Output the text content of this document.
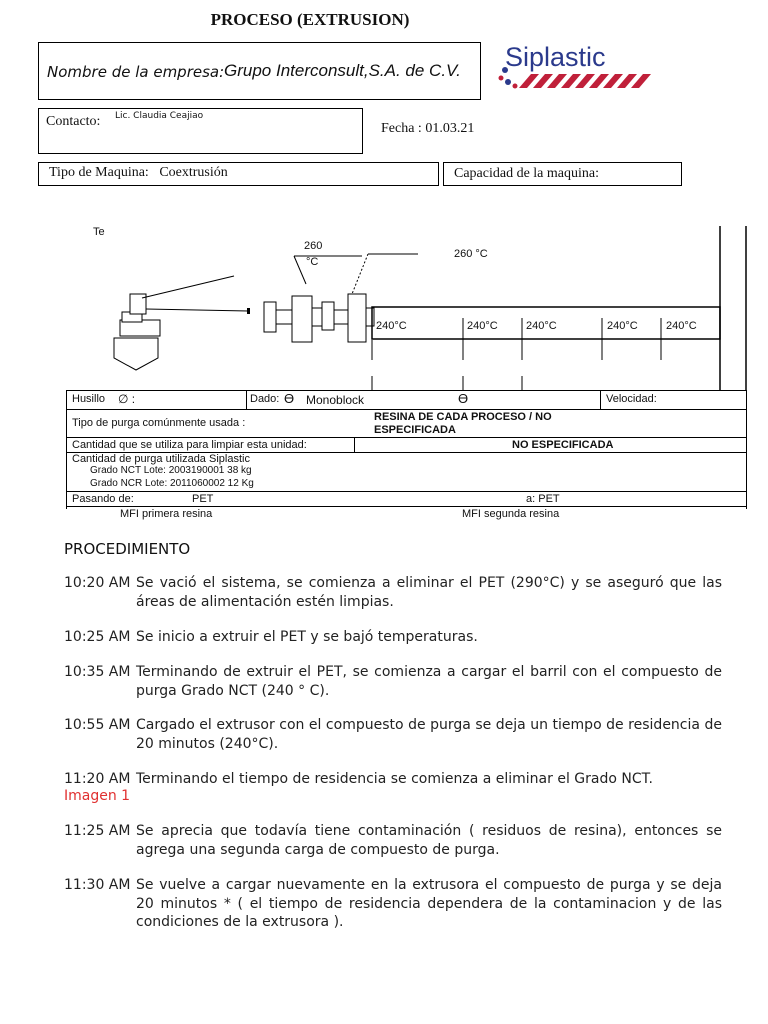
PROCESO (EXTRUSION)
Nombre de la empresa: Grupo Interconsult,S.A. de C.V. Siplastic
Contacto: Lic. Claudia Ceajiao
Fecha : 01.03.21
Tipo de Maquina: Coextrusión	Capacidad de la maquina:
Te
260
°C
260 °C
240°C	240°C	240°C	240°C	240°C
Husillo ∅ :	Dado: ϴ Monoblock	ϴ	Velocidad:
Tipo de purga comúnmente usada :	RESINA DE CADA PROCESO / NO ESPECIFICADA
Cantidad que se utiliza para limpiar esta unidad:	NO ESPECIFICADA
Cantidad de purga utilizada Siplastic
Grado NCT Lote: 2003190001 38 kg
Grado NCR Lote: 2011060002 12 Kg
Pasando de:	PET	a: PET
MFI primera resina	MFI segunda resina
PROCEDIMIENTO
10:20 AM Se vació el sistema, se comienza a eliminar el PET (290°C) y se aseguró que las áreas de alimentación estén limpias.
10:25 AM Se inicio a extruir el PET y se bajó temperaturas.
10:35 AM Terminando de extruir el PET, se comienza a cargar el barril con el compuesto de purga Grado NCT (240 ° C).
10:55 AM Cargado el extrusor con el compuesto de purga se deja un tiempo de residencia de 20 minutos (240°C).
11:20 AM Terminando el tiempo de residencia se comienza a eliminar el Grado NCT.
Imagen 1
11:25 AM Se aprecia que todavía tiene contaminación ( residuos de resina), entonces se agrega una segunda carga de compuesto de purga.
11:30 AM Se vuelve a cargar nuevamente en la extrusora el compuesto de purga y se deja 20 minutos * ( el tiempo de residencia dependera de la contaminacion y de las condiciones de la extrusora ).
